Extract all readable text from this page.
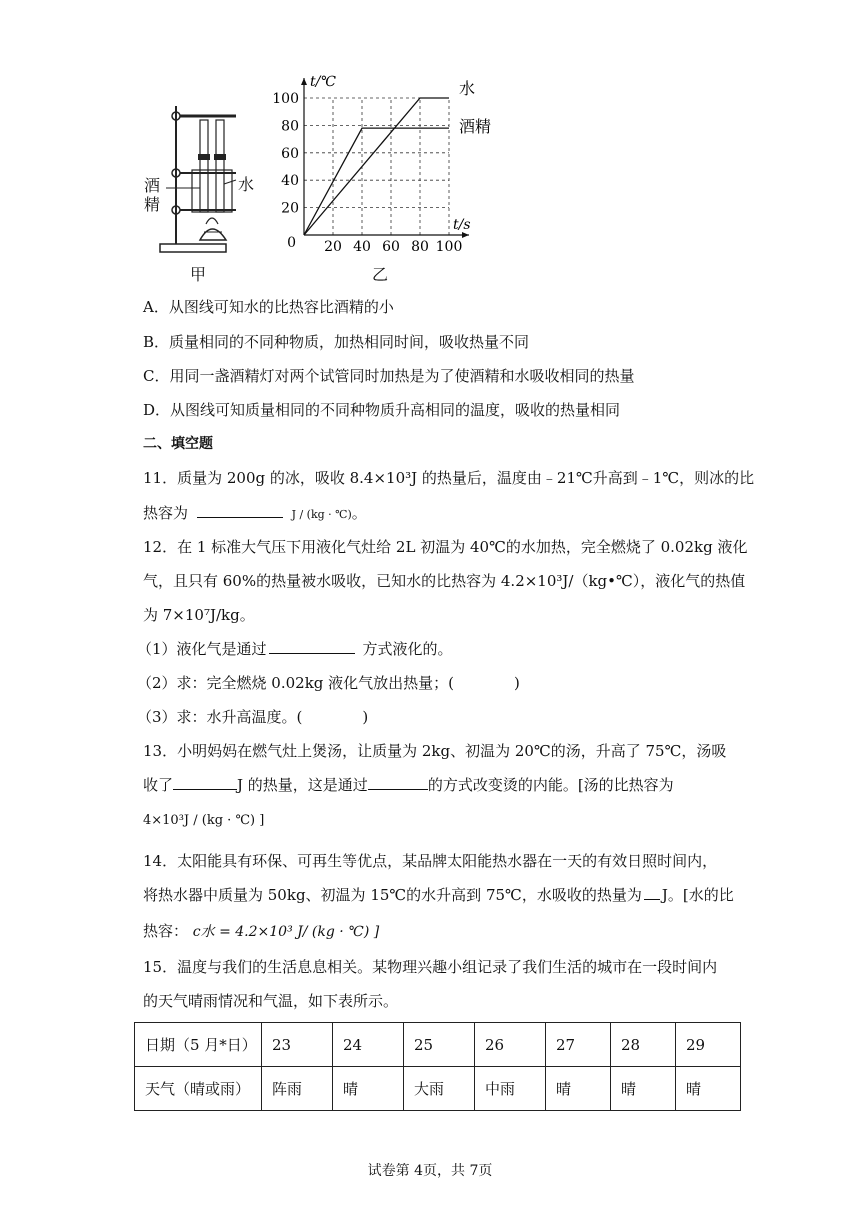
酒精
水
甲
20 40 60 80 100
20
40
60
80
100
0
t/℃
t/s
水
酒精
乙
A．从图线可知水的比热容比酒精的小
B．质量相同的不同种物质，加热相同时间，吸收热量不同
C．用同一盏酒精灯对两个试管同时加热是为了使酒精和水吸收相同的热量
D．从图线可知质量相同的不同种物质升高相同的温度，吸收的热量相同
二、填空题
11．质量为 200g 的冰，吸收 8.4×10³J 的热量后，温度由﹣21℃升高到﹣1℃，则冰的比
热容为	J / (kg · ℃)。
12．在 1 标准大气压下用液化气灶给 2L 初温为 40℃的水加热，完全燃烧了 0.02kg 液化
气，且只有 60%的热量被水吸收，已知水的比热容为 4.2×10³J/（kg•℃），液化气的热值
为 7×10⁷J/kg。
（1）液化气是通过	方式液化的。
（2）求：完全燃烧 0.02kg 液化气放出热量；(　　　　)
（3）求：水升高温度。(　　　　)
13．小明妈妈在燃气灶上煲汤，让质量为 2kg、初温为 20℃的汤，升高了 75℃，汤吸
收了	J 的热量，这是通过	的方式改变烫的内能。[汤的比热容为
4×10³J / (kg · ℃) ]
14．太阳能具有环保、可再生等优点，某品牌太阳能热水器在一天的有效日照时间内，
将热水器中质量为 50kg、初温为 15℃的水升高到 75℃，水吸收的热量为 J。[水的比
热容： c水 = 4.2×10³ J/ (kg · ℃) ]
15．温度与我们的生活息息相关。某物理兴趣小组记录了我们生活的城市在一段时间内
的天气晴雨情况和气温，如下表所示。
日期（5 月*日）	23	24	25	26	27	28	29
天气（晴或雨）	阵雨	晴	大雨	中雨	晴	晴	晴
试卷第 4页，共 7页
